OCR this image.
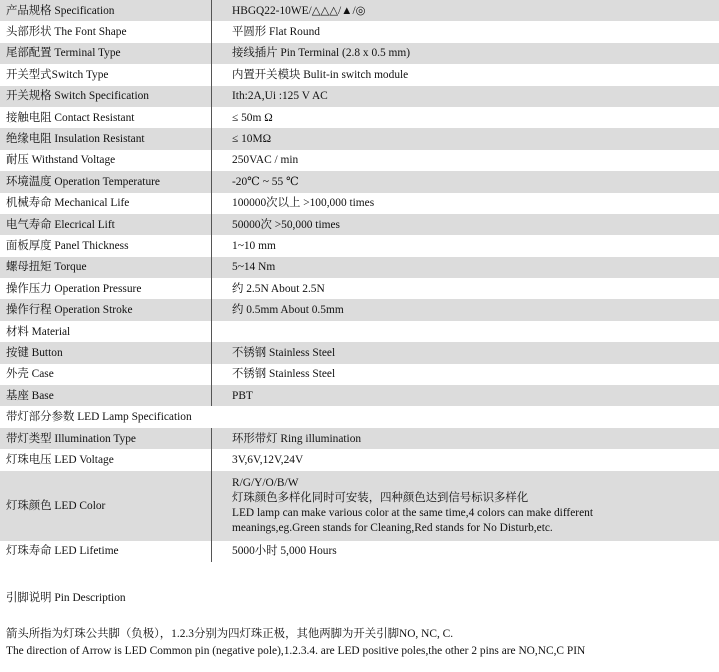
产品规格 Specification	HBGQ22-10WE/△△△/▲/◎
头部形状 The Font Shape	平圆形 Flat Round
尾部配置 Terminal Type	接线插片 Pin Terminal (2.8 x 0.5 mm)
开关型式Switch Type	内置开关模块 Bulit-in switch module
开关规格 Switch Specification	Ith:2A,Ui :125 V AC
接触电阻 Contact Resistant	≤ 50m Ω
绝缘电阻 Insulation Resistant	≤ 10MΩ
耐压 Withstand Voltage	250VAC / min
环境温度 Operation Temperature	-20℃ ~ 55 ℃
机械寿命 Mechanical Life	100000次以上 >100,000 times
电气寿命 Elecrical Lift	50000次 >50,000 times
面板厚度 Panel Thickness	1~10 mm
螺母扭矩 Torque	5~14 Nm
操作压力 Operation Pressure	约 2.5N About 2.5N
操作行程 Operation Stroke	约 0.5mm About 0.5mm
材料 Material	
按键 Button	不锈钢 Stainless Steel
外壳 Case	不锈钢 Stainless Steel
基座 Base	PBT
带灯部分参数 LED Lamp Specification	
带灯类型 Illumination Type	环形带灯 Ring illumination
灯珠电压 LED Voltage	3V,6V,12V,24V
灯珠颜色 LED Color	R/G/Y/O/B/W
灯珠颜色多样化同时可安装，四种颜色达到信号标识多样化
LED lamp can make various color at the same time,4 colors can make different
meanings,eg.Green stands for Cleaning,Red stands for No Disturb,etc.

灯珠寿命 LED Lifetime	5000小时 5,000 Hours
引脚说明 Pin Description
箭头所指为灯珠公共脚（负极），1.2.3分别为四灯珠正极，其他两脚为开关引脚NO, NC, C.
The direction of Arrow is LED Common pin (negative pole),1.2.3.4. are LED positive poles,the other 2 pins are NO,NC,C PIN
